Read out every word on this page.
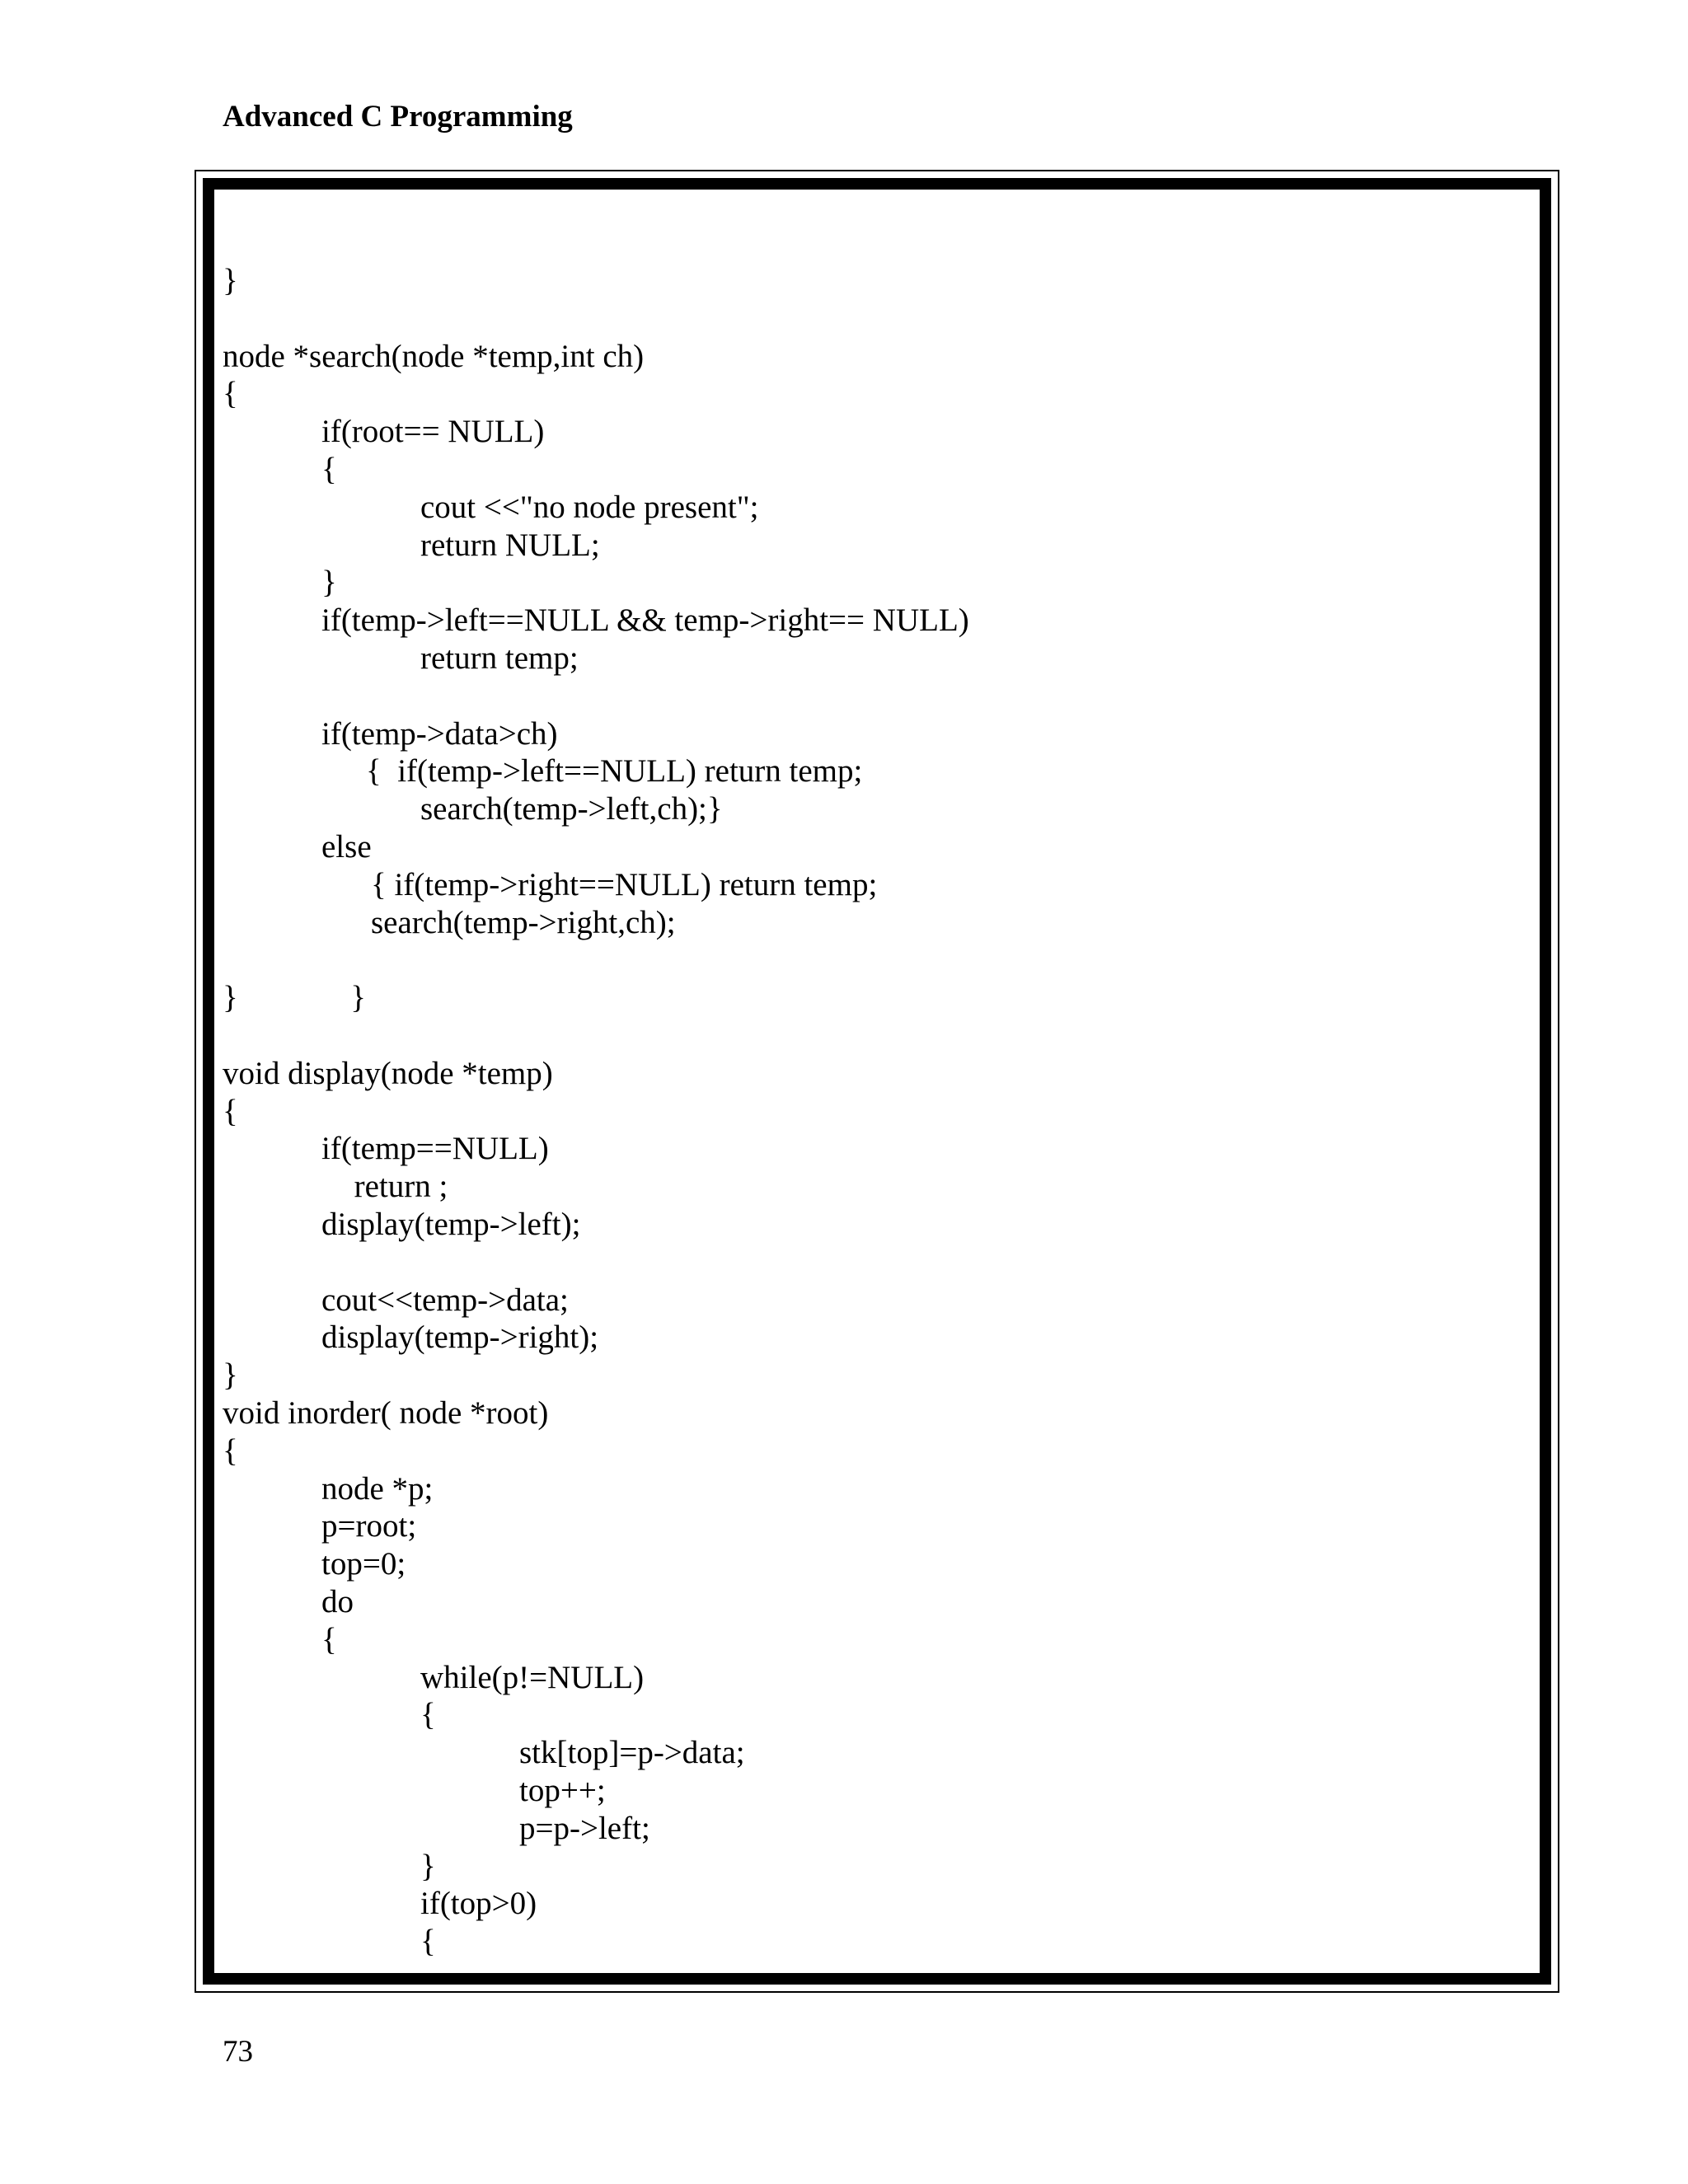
Advanced C Programming
}
node *search(node *temp,int ch)
{
if(root== NULL)
{
cout <<"no node present";
return NULL;
}
if(temp->left==NULL && temp->right== NULL)
return temp;
if(temp->data>ch)
{  if(temp->left==NULL) return temp;
search(temp->left,ch);}
else
{ if(temp->right==NULL) return temp;
search(temp->right,ch);
}              }
void display(node *temp)
{
if(temp==NULL)
return ;
display(temp->left);
cout<<temp->data;
display(temp->right);
}
void inorder( node *root)
{
node *p;
p=root;
top=0;
do
{
while(p!=NULL)
{
stk[top]=p->data;
top++;
p=p->left;
}
if(top>0)
{
73
